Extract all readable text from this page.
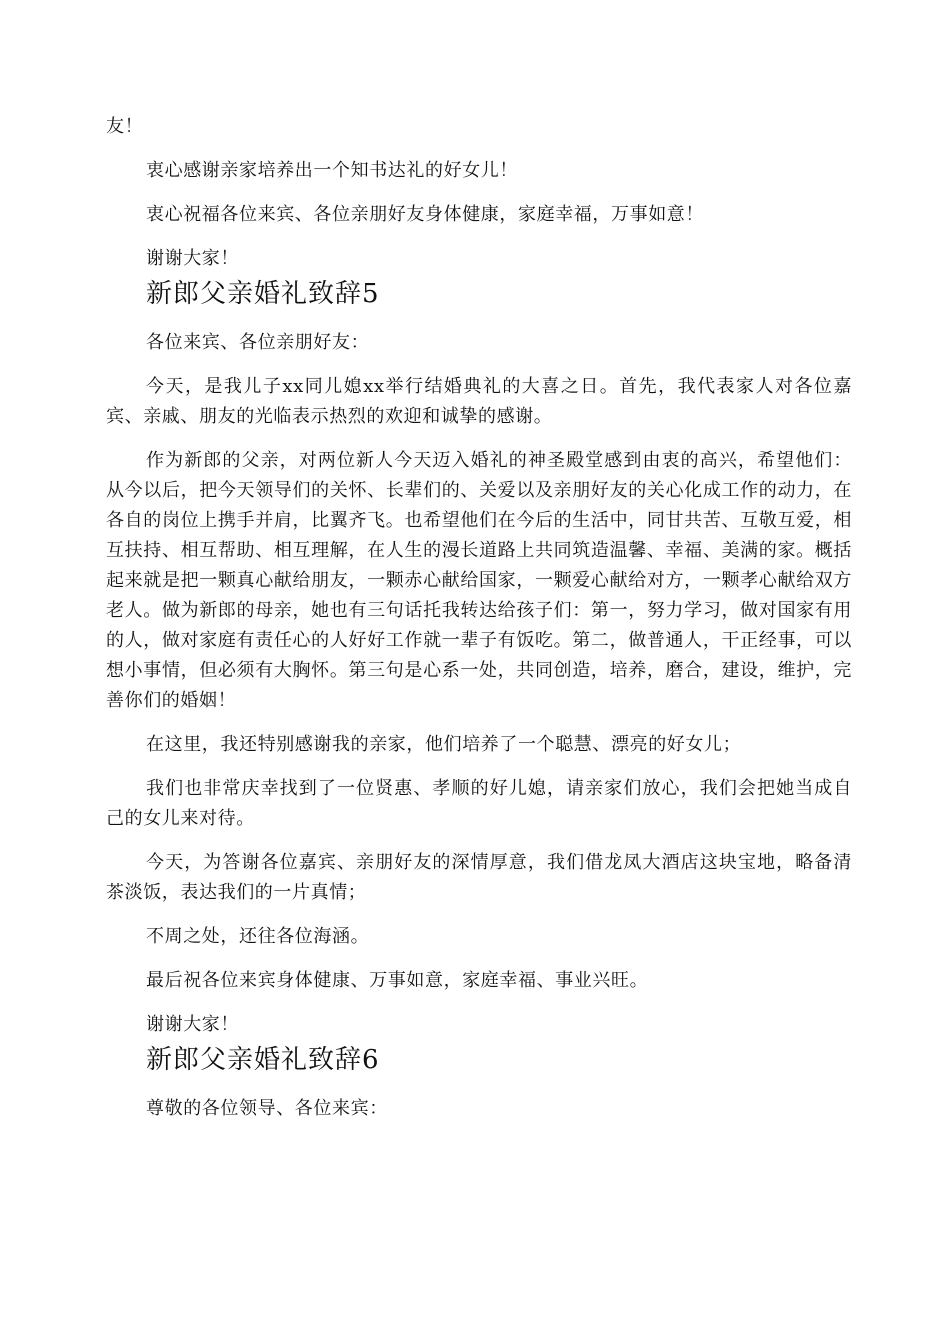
友！

衷心感谢亲家培养出一个知书达礼的好女儿！

衷心祝福各位来宾、各位亲朋好友身体健康，家庭幸福，万事如意！

谢谢大家！

新郎父亲婚礼致辞5

各位来宾、各位亲朋好友：

今天，是我儿子xx同儿媳xx举行结婚典礼的大喜之日。首先，我代表家人对各位嘉宾、亲戚、朋友的光临表示热烈的欢迎和诚挚的感谢。

作为新郎的父亲，对两位新人今天迈入婚礼的神圣殿堂感到由衷的高兴，希望他们：从今以后，把今天领导们的关怀、长辈们的、关爱以及亲朋好友的关心化成工作的动力，在各自的岗位上携手并肩，比翼齐飞。也希望他们在今后的生活中，同甘共苦、互敬互爱，相互扶持、相互帮助、相互理解，在人生的漫长道路上共同筑造温馨、幸福、美满的家。概括起来就是把一颗真心献给朋友，一颗赤心献给国家，一颗爱心献给对方，一颗孝心献给双方老人。做为新郎的母亲，她也有三句话托我转达给孩子们：第一，努力学习，做对国家有用的人，做对家庭有责任心的人好好工作就一辈子有饭吃。第二，做普通人，干正经事，可以想小事情，但必须有大胸怀。第三句是心系一处，共同创造，培养，磨合，建设，维护，完善你们的婚姻！

在这里，我还特别感谢我的亲家，他们培养了一个聪慧、漂亮的好女儿；

我们也非常庆幸找到了一位贤惠、孝顺的好儿媳，请亲家们放心，我们会把她当成自己的女儿来对待。

今天，为答谢各位嘉宾、亲朋好友的深情厚意，我们借龙凤大酒店这块宝地，略备清茶淡饭，表达我们的一片真情；

不周之处，还往各位海涵。

最后祝各位来宾身体健康、万事如意，家庭幸福、事业兴旺。

谢谢大家！

新郎父亲婚礼致辞6

尊敬的各位领导、各位来宾：
